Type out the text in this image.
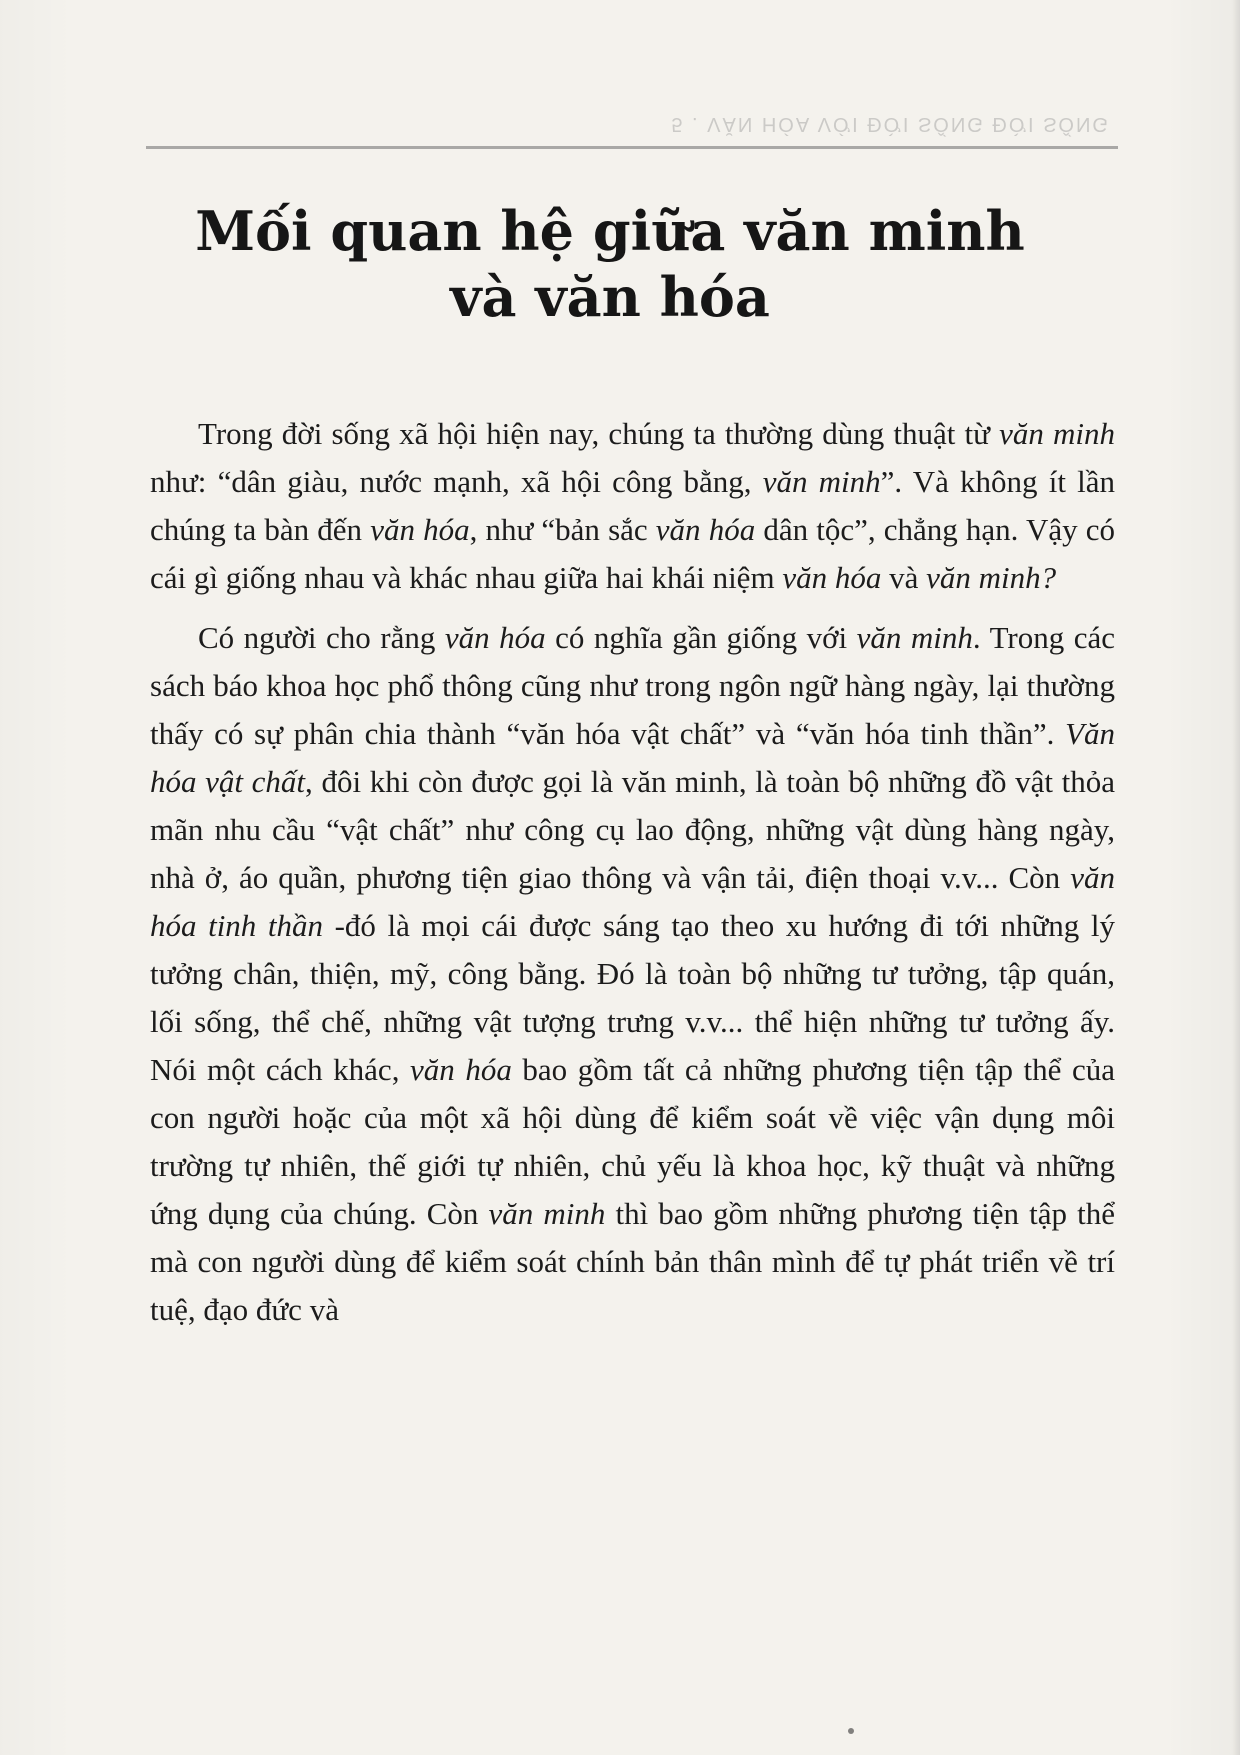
5 . VĂN HÓA VỚI ĐỜI SỐNG ĐỜI SỐNG
Mối quan hệ giữa văn minh
và văn hóa

Trong đời sống xã hội hiện nay, chúng ta thường dùng thuật từ văn minh như: “dân giàu, nước mạnh, xã hội công bằng, văn minh”. Và không ít lần chúng ta bàn đến văn hóa, như “bản sắc văn hóa dân tộc”, chẳng hạn. Vậy có cái gì giống nhau và khác nhau giữa hai khái niệm văn hóa và văn minh?

Có người cho rằng văn hóa có nghĩa gần giống với văn minh. Trong các sách báo khoa học phổ thông cũng như trong ngôn ngữ hàng ngày, lại thường thấy có sự phân chia thành “văn hóa vật chất” và “văn hóa tinh thần”. Văn hóa vật chất, đôi khi còn được gọi là văn minh, là toàn bộ những đồ vật thỏa mãn nhu cầu “vật chất” như công cụ lao động, những vật dùng hàng ngày, nhà ở, áo quần, phương tiện giao thông và vận tải, điện thoại v.v... Còn văn hóa tinh thần -đó là mọi cái được sáng tạo theo xu hướng đi tới những lý tưởng chân, thiện, mỹ, công bằng. Đó là toàn bộ những tư tưởng, tập quán, lối sống, thể chế, những vật tượng trưng v.v... thể hiện những tư tưởng ấy. Nói một cách khác, văn hóa bao gồm tất cả những phương tiện tập thể của con người hoặc của một xã hội dùng để kiểm soát về việc vận dụng môi trường tự nhiên, thế giới tự nhiên, chủ yếu là khoa học, kỹ thuật và những ứng dụng của chúng. Còn văn minh thì bao gồm những phương tiện tập thể mà con người dùng để kiểm soát chính bản thân mình để tự phát triển về trí tuệ, đạo đức và
